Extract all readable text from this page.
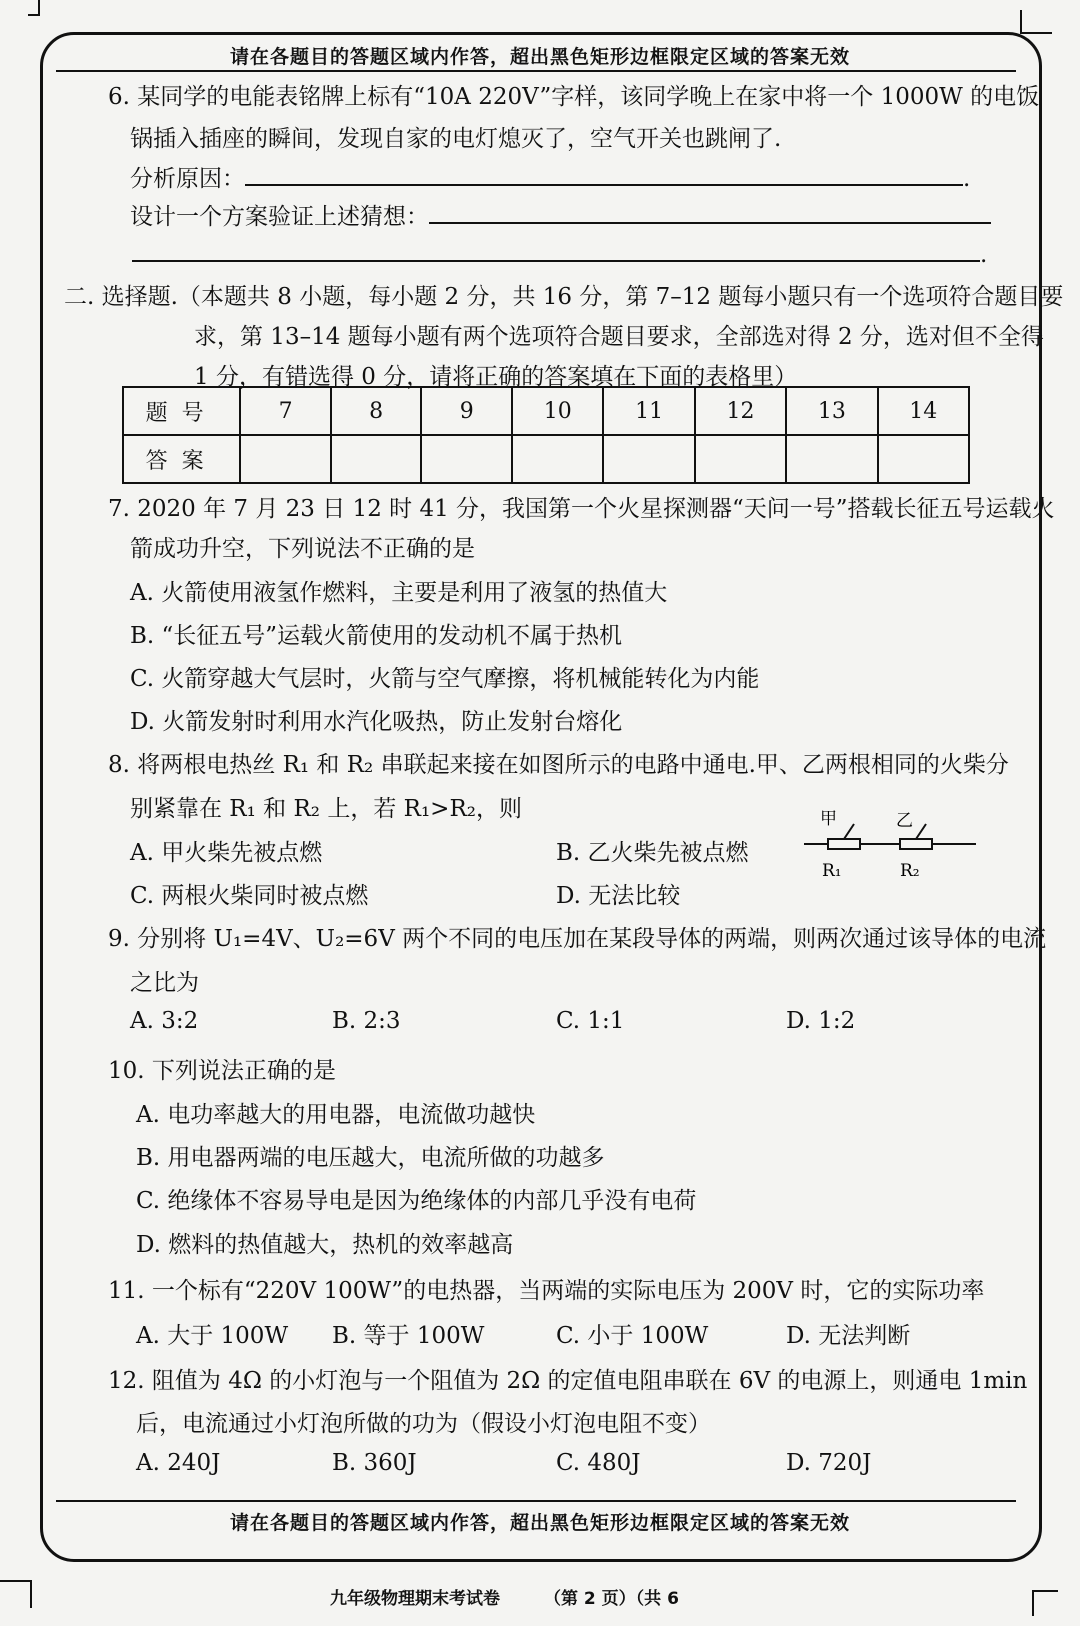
请在各题目的答题区域内作答，超出黑色矩形边框限定区域的答案无效
6. 某同学的电能表铭牌上标有“10A 220V”字样，该同学晚上在家中将一个 1000W 的电饭
锅插入插座的瞬间，发现自家的电灯熄灭了，空气开关也跳闸了.
分析原因：	.
设计一个方案验证上述猜想：
.
二. 选择题.（本题共 8 小题，每小题 2 分，共 16 分，第 7–12 题每小题只有一个选项符合题目要
求，第 13–14 题每小题有两个选项符合题目要求，全部选对得 2 分，选对但不全得
1 分，有错选得 0 分，请将正确的答案填在下面的表格里）
题号	7	8	9	10	11	12	13	14
答案								
7. 2020 年 7 月 23 日 12 时 41 分，我国第一个火星探测器“天问一号”搭载长征五号运载火
箭成功升空，下列说法不正确的是
A. 火箭使用液氢作燃料，主要是利用了液氢的热值大
B. “长征五号”运载火箭使用的发动机不属于热机
C. 火箭穿越大气层时，火箭与空气摩擦，将机械能转化为内能
D. 火箭发射时利用水汽化吸热，防止发射台熔化
8. 将两根电热丝 R₁ 和 R₂ 串联起来接在如图所示的电路中通电.甲、乙两根相同的火柴分
别紧靠在 R₁ 和 R₂ 上，若 R₁>R₂，则
A. 甲火柴先被点燃	B. 乙火柴先被点燃
C. 两根火柴同时被点燃	D. 无法比较
甲	乙
R₁	R₂
9. 分别将 U₁=4V、U₂=6V 两个不同的电压加在某段导体的两端，则两次通过该导体的电流
之比为
A. 3:2	B. 2:3	C. 1:1	D. 1:2
10. 下列说法正确的是
A. 电功率越大的用电器，电流做功越快
B. 用电器两端的电压越大，电流所做的功越多
C. 绝缘体不容易导电是因为绝缘体的内部几乎没有电荷
D. 燃料的热值越大，热机的效率越高
11. 一个标有“220V 100W”的电热器，当两端的实际电压为 200V 时，它的实际功率
A. 大于 100W B. 等于 100W	C. 小于 100W	D. 无法判断
12. 阻值为 4Ω 的小灯泡与一个阻值为 2Ω 的定值电阻串联在 6V 的电源上，则通电 1min
后，电流通过小灯泡所做的功为（假设小灯泡电阻不变）
A. 240J	B. 360J	C. 480J	D. 720J
请在各题目的答题区域内作答，超出黑色矩形边框限定区域的答案无效
九年级物理期末考试卷	（第 2 页）（共 6
